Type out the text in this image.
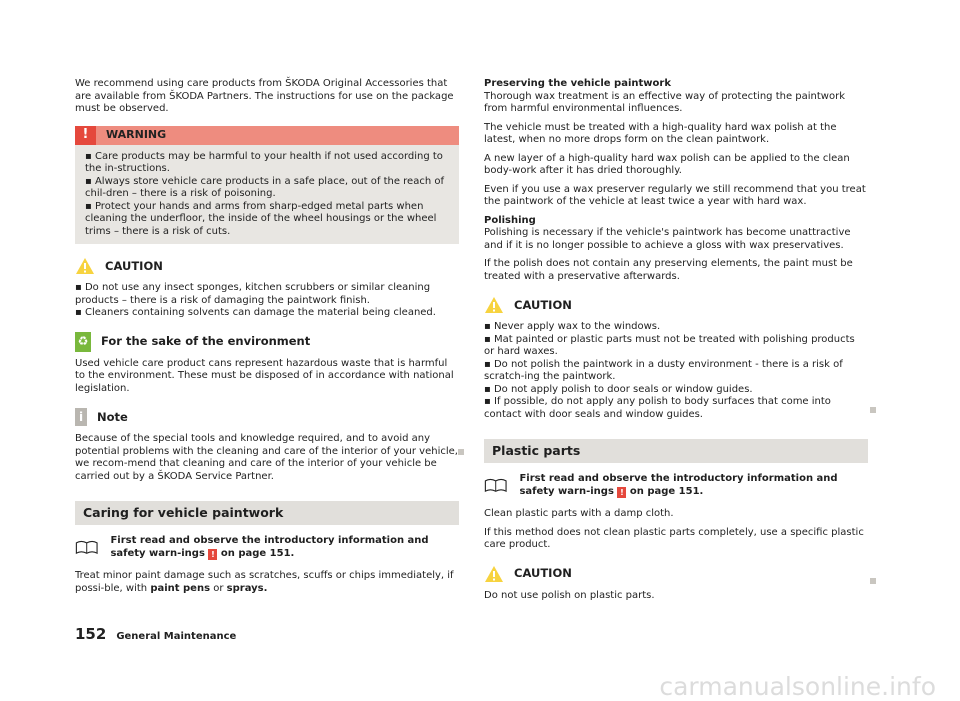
We recommend using care products from ŠKODA Original Accessories that are available from ŠKODA Partners. The instructions for use on the package must be observed.

!	WARNING

▪ Care products may be harmful to your health if not used according to the in-structions.

▪ Always store vehicle care products in a safe place, out of the reach of chil-dren – there is a risk of poisoning.

▪ Protect your hands and arms from sharp-edged metal parts when cleaning the underfloor, the inside of the wheel housings or the wheel trims – there is a risk of cuts.

CAUTION

▪ Do not use any insect sponges, kitchen scrubbers or similar cleaning products – there is a risk of damaging the paintwork finish.

▪ Cleaners containing solvents can damage the material being cleaned.

♻ For the sake of the environment

Used vehicle care product cans represent hazardous waste that is harmful to the environment. These must be disposed of in accordance with national legislation.

i	Note

Because of the special tools and knowledge required, and to avoid any potential problems with the cleaning and care of the interior of your vehicle, we recom-mend that cleaning and care of the interior of your vehicle be carried out by a ŠKODA Service Partner.

Caring for vehicle paintwork
First read and observe the introductory information and safety warn-ings ! on page 151.

Treat minor paint damage such as scratches, scuffs or chips immediately, if possi-ble, with paint pens or sprays.

Preserving the vehicle paintwork

Thorough wax treatment is an effective way of protecting the paintwork from harmful environmental influences.

The vehicle must be treated with a high-quality hard wax polish at the latest, when no more drops form on the clean paintwork.

A new layer of a high-quality hard wax polish can be applied to the clean body-work after it has dried thoroughly.

Even if you use a wax preserver regularly we still recommend that you treat the paintwork of the vehicle at least twice a year with hard wax.

Polishing

Polishing is necessary if the vehicle's paintwork has become unattractive and if it is no longer possible to achieve a gloss with wax preservatives.

If the polish does not contain any preserving elements, the paint must be treated with a preservative afterwards.

CAUTION

▪ Never apply wax to the windows.

▪ Mat painted or plastic parts must not be treated with polishing products or hard waxes.

▪ Do not polish the paintwork in a dusty environment - there is a risk of scratch-ing the paintwork.

▪ Do not apply polish to door seals or window guides.

▪ If possible, do not apply any polish to body surfaces that come into contact with door seals and window guides.

Plastic parts
First read and observe the introductory information and safety warn-ings ! on page 151.

Clean plastic parts with a damp cloth.

If this method does not clean plastic parts completely, use a specific plastic care product.

CAUTION

Do not use polish on plastic parts.

152 General Maintenance
carmanualsonline.info
